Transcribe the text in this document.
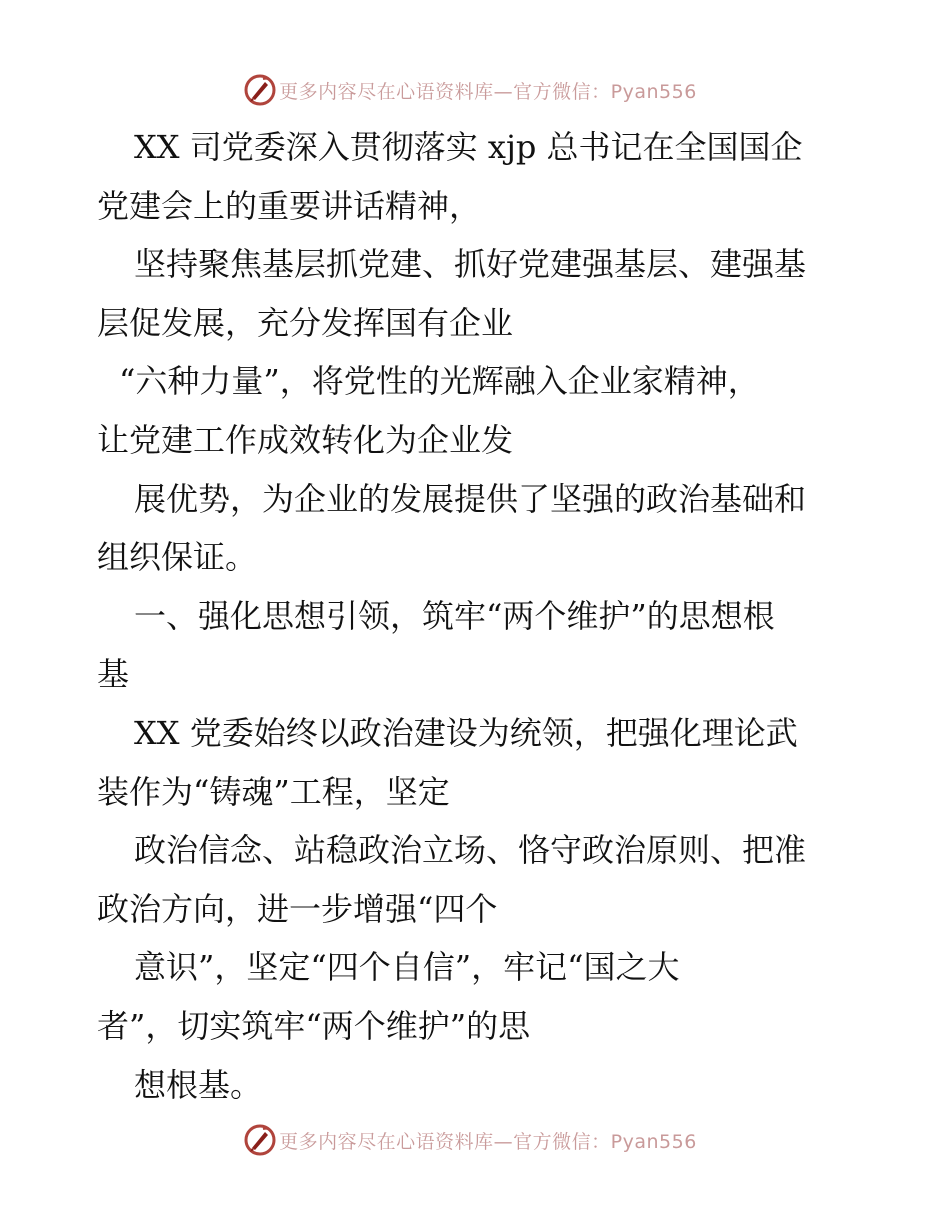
更多内容尽在心语资料库—官方微信：Pyan556
XX 司党委深入贯彻落实 xjp 总书记在全国国企
党建会上的重要讲话精神，
坚持聚焦基层抓党建、抓好党建强基层、建强基
层促发展，充分发挥国有企业
“六种力量”，将党性的光辉融入企业家精神，
让党建工作成效转化为企业发
展优势，为企业的发展提供了坚强的政治基础和
组织保证。
一、强化思想引领，筑牢“两个维护”的思想根
基
XX 党委始终以政治建设为统领，把强化理论武
装作为“铸魂”工程，坚定
政治信念、站稳政治立场、恪守政治原则、把准
政治方向，进一步增强“四个
意识”，坚定“四个自信”，牢记“国之大
者”，切实筑牢“两个维护”的思
想根基。
更多内容尽在心语资料库—官方微信：Pyan556
